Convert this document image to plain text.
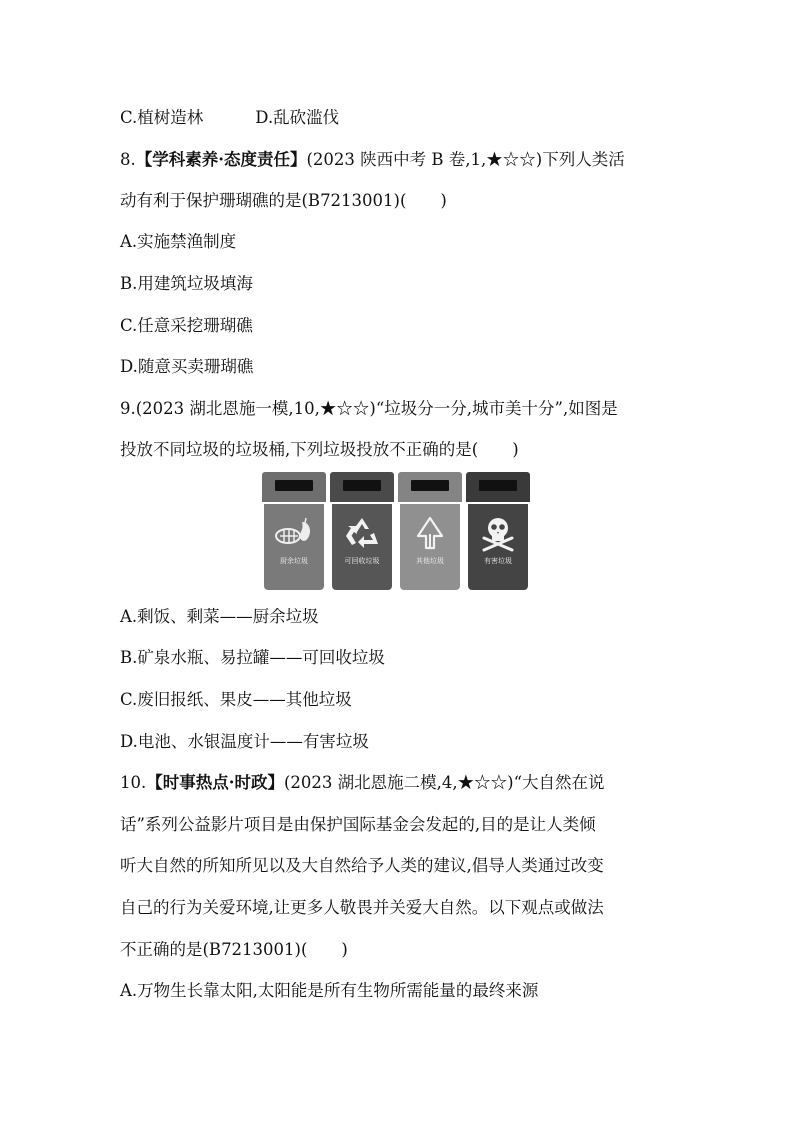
C.植树造林	D.乱砍滥伐
8.【学科素养·态度责任】(2023 陕西中考 B 卷,1,★☆☆)下列人类活
动有利于保护珊瑚礁的是(B7213001)( )
A.实施禁渔制度
B.用建筑垃圾填海
C.任意采挖珊瑚礁
D.随意买卖珊瑚礁
9.(2023 湖北恩施一模,10,★☆☆)“垃圾分一分,城市美十分”,如图是
投放不同垃圾的垃圾桶,下列垃圾投放不正确的是( )
厨余垃圾	可回收垃圾	其他垃圾	有害垃圾
A.剩饭、剩菜——厨余垃圾
B.矿泉水瓶、易拉罐——可回收垃圾
C.废旧报纸、果皮——其他垃圾
D.电池、水银温度计——有害垃圾
10.【时事热点·时政】(2023 湖北恩施二模,4,★☆☆)“大自然在说
话”系列公益影片项目是由保护国际基金会发起的,目的是让人类倾
听大自然的所知所见以及大自然给予人类的建议,倡导人类通过改变
自己的行为关爱环境,让更多人敬畏并关爱大自然。以下观点或做法
不正确的是(B7213001)( )
A.万物生长靠太阳,太阳能是所有生物所需能量的最终来源
